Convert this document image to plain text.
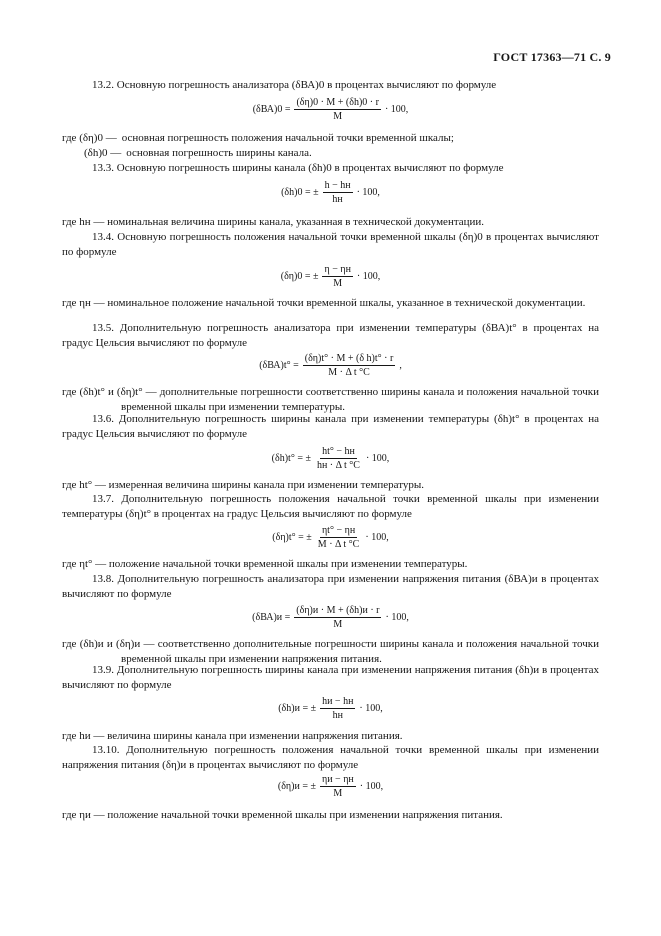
ГОСТ 17363—71 С. 9
13.2. Основную погрешность анализатора (δВА)0 в процентах вычисляют по формуле
$(\delta ВА)0 = \frac{(\delta\eta)0 \cdot M + (\delta h)0 \cdot r}{M} \cdot 100$,
где (δη)0 — основная погрешность положения начальной точки временной шкалы;
(δh)0 — основная погрешность ширины канала.
13.3. Основную погрешность ширины канала (δh)0 в процентах вычисляют по формуле
(δh)0 = ± $\frac{h - hн}{hн} \cdot 100$,
где hн — номинальная величина ширины канала, указанная в технической документации.
13.4. Основную погрешность положения начальной точки временной шкалы (δη)0 в процентах вычисляют по формуле
(δη)0 = ± $\frac{\eta - \eta н}{M} \cdot 100$,
где ηн — номинальное положение начальной точки временной шкалы, указанное в технической документации.
13.5. Дополнительную погрешность анализатора при изменении температуры (δВА)t° в процентах на градус Цельсия вычисляют по формуле
$(\delta ВА)t^\circ = \frac{\text{(δη)t° · M + (δ h)t° · r}}{\text{M · Δ t °C}}$ ,
где (δh)t° и (δη)t° — дополнительные погрешности соответственно ширины канала и положения начальной точки временной шкалы при изменении температуры.
13.6. Дополнительную погрешность ширины канала при изменении температуры (δh)t° в процентах на градус Цельсия вычисляют по формуле
(δh)t° = ± $\frac{ht^\circ - hн}{\text{hн · Δ t °C}} \cdot 100$,
где ht° — измеренная величина ширины канала при изменении температуры.
13.7. Дополнительную погрешность положения начальной точки временной шкалы при изменении температуры (δη)t° в процентах на градус Цельсия вычисляют по формуле
(δη)t° = ± $\frac{\eta t^\circ - \eta н}{\text{M · Δ t °C}} \cdot 100$,
где ηt° — положение начальной точки временной шкалы при изменении температуры.
13.8. Дополнительную погрешность анализатора при изменении напряжения питания (δВА)и в процентах вычисляют по формуле
$(\delta ВА)и = \frac{(\delta\eta)и \cdot M + (\delta h)и \cdot r}{M} \cdot 100$,
где (δh)и и (δη)и — соответственно дополнительные погрешности ширины канала и положения начальной точки временной шкалы при изменении напряжения питания.
13.9. Дополнительную погрешность ширины канала при изменении напряжения питания (δh)и в процентах вычисляют по формуле
(δh)и = ± $\frac{hи - hн}{hн} \cdot 100$,
где hи — величина ширины канала при изменении напряжения питания.
13.10. Дополнительную погрешность положения начальной точки временной шкалы при изменении напряжения питания (δη)и в процентах вычисляют по формуле
(δη)и = ± $\frac{\eta и - \eta н}{M} \cdot 100$,
где ηи — положение начальной точки временной шкалы при изменении напряжения питания.
